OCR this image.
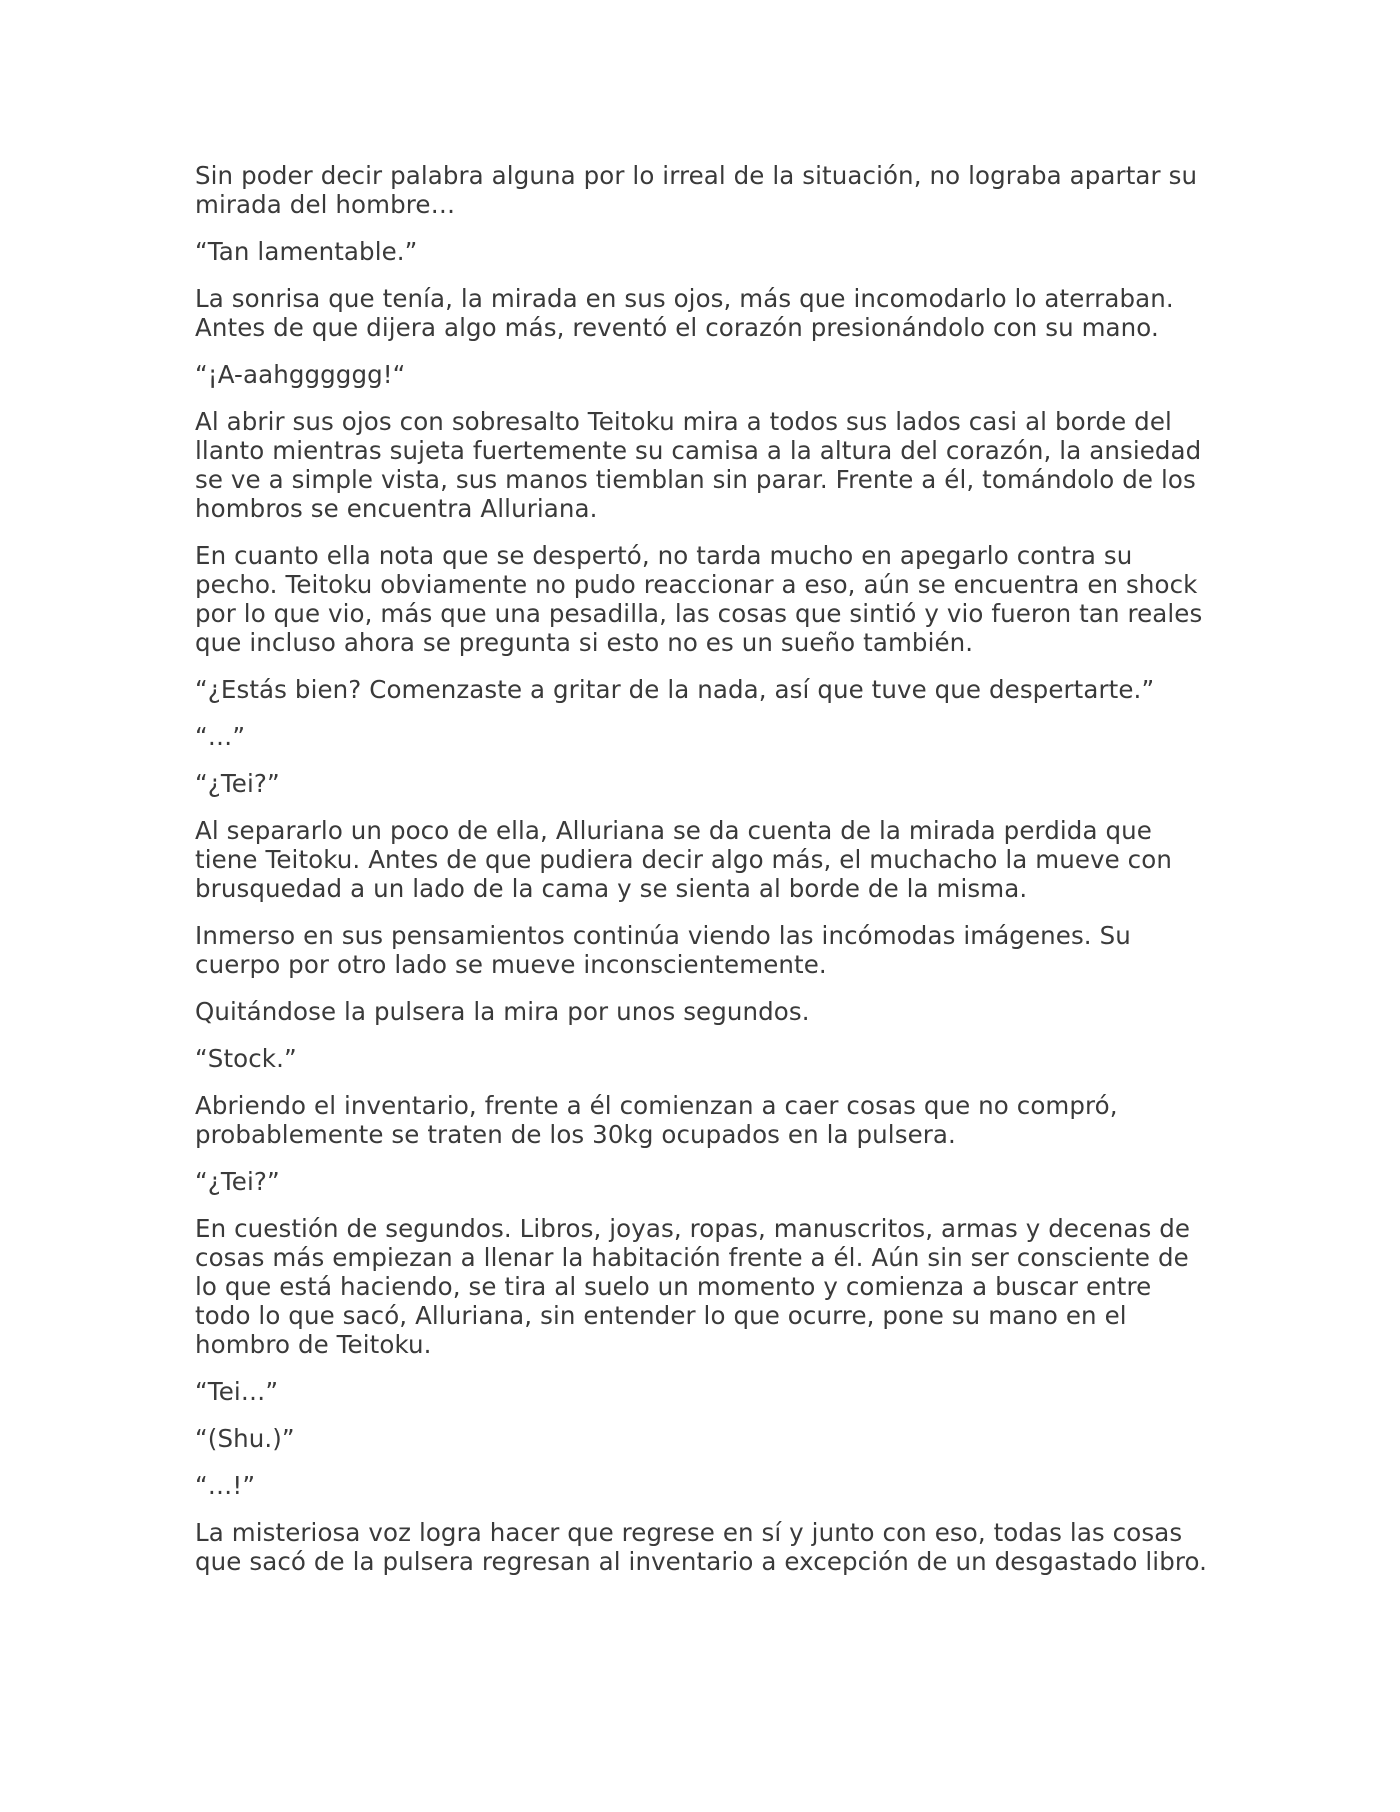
Sin poder decir palabra alguna por lo irreal de la situación, no lograba apartar su mirada del hombre…

“Tan lamentable.”

La sonrisa que tenía, la mirada en sus ojos, más que incomodarlo lo aterraban. Antes de que dijera algo más, reventó el corazón presionándolo con su mano.

“¡A-aahgggggg!“

Al abrir sus ojos con sobresalto Teitoku mira a todos sus lados casi al borde del llanto mientras sujeta fuertemente su camisa a la altura del corazón, la ansiedad se ve a simple vista, sus manos tiemblan sin parar. Frente a él, tomándolo de los hombros se encuentra Alluriana.

En cuanto ella nota que se despertó, no tarda mucho en apegarlo contra su pecho. Teitoku obviamente no pudo reaccionar a eso, aún se encuentra en shock por lo que vio, más que una pesadilla, las cosas que sintió y vio fueron tan reales que incluso ahora se pregunta si esto no es un sueño también.

“¿Estás bien? Comenzaste a gritar de la nada, así que tuve que despertarte.”

“…”

“¿Tei?”

Al separarlo un poco de ella, Alluriana se da cuenta de la mirada perdida que tiene Teitoku. Antes de que pudiera decir algo más, el muchacho la mueve con brusquedad a un lado de la cama y se sienta al borde de la misma.

Inmerso en sus pensamientos continúa viendo las incómodas imágenes. Su cuerpo por otro lado se mueve inconscientemente.

Quitándose la pulsera la mira por unos segundos.

“Stock.”

Abriendo el inventario, frente a él comienzan a caer cosas que no compró, probablemente se traten de los 30kg ocupados en la pulsera.

“¿Tei?”

En cuestión de segundos. Libros, joyas, ropas, manuscritos, armas y decenas de cosas más empiezan a llenar la habitación frente a él. Aún sin ser consciente de lo que está haciendo, se tira al suelo un momento y comienza a buscar entre todo lo que sacó, Alluriana, sin entender lo que ocurre, pone su mano en el hombro de Teitoku.

“Tei…”

“(Shu.)”

“…!”

La misteriosa voz logra hacer que regrese en sí y junto con eso, todas las cosas que sacó de la pulsera regresan al inventario a excepción de un desgastado libro.
